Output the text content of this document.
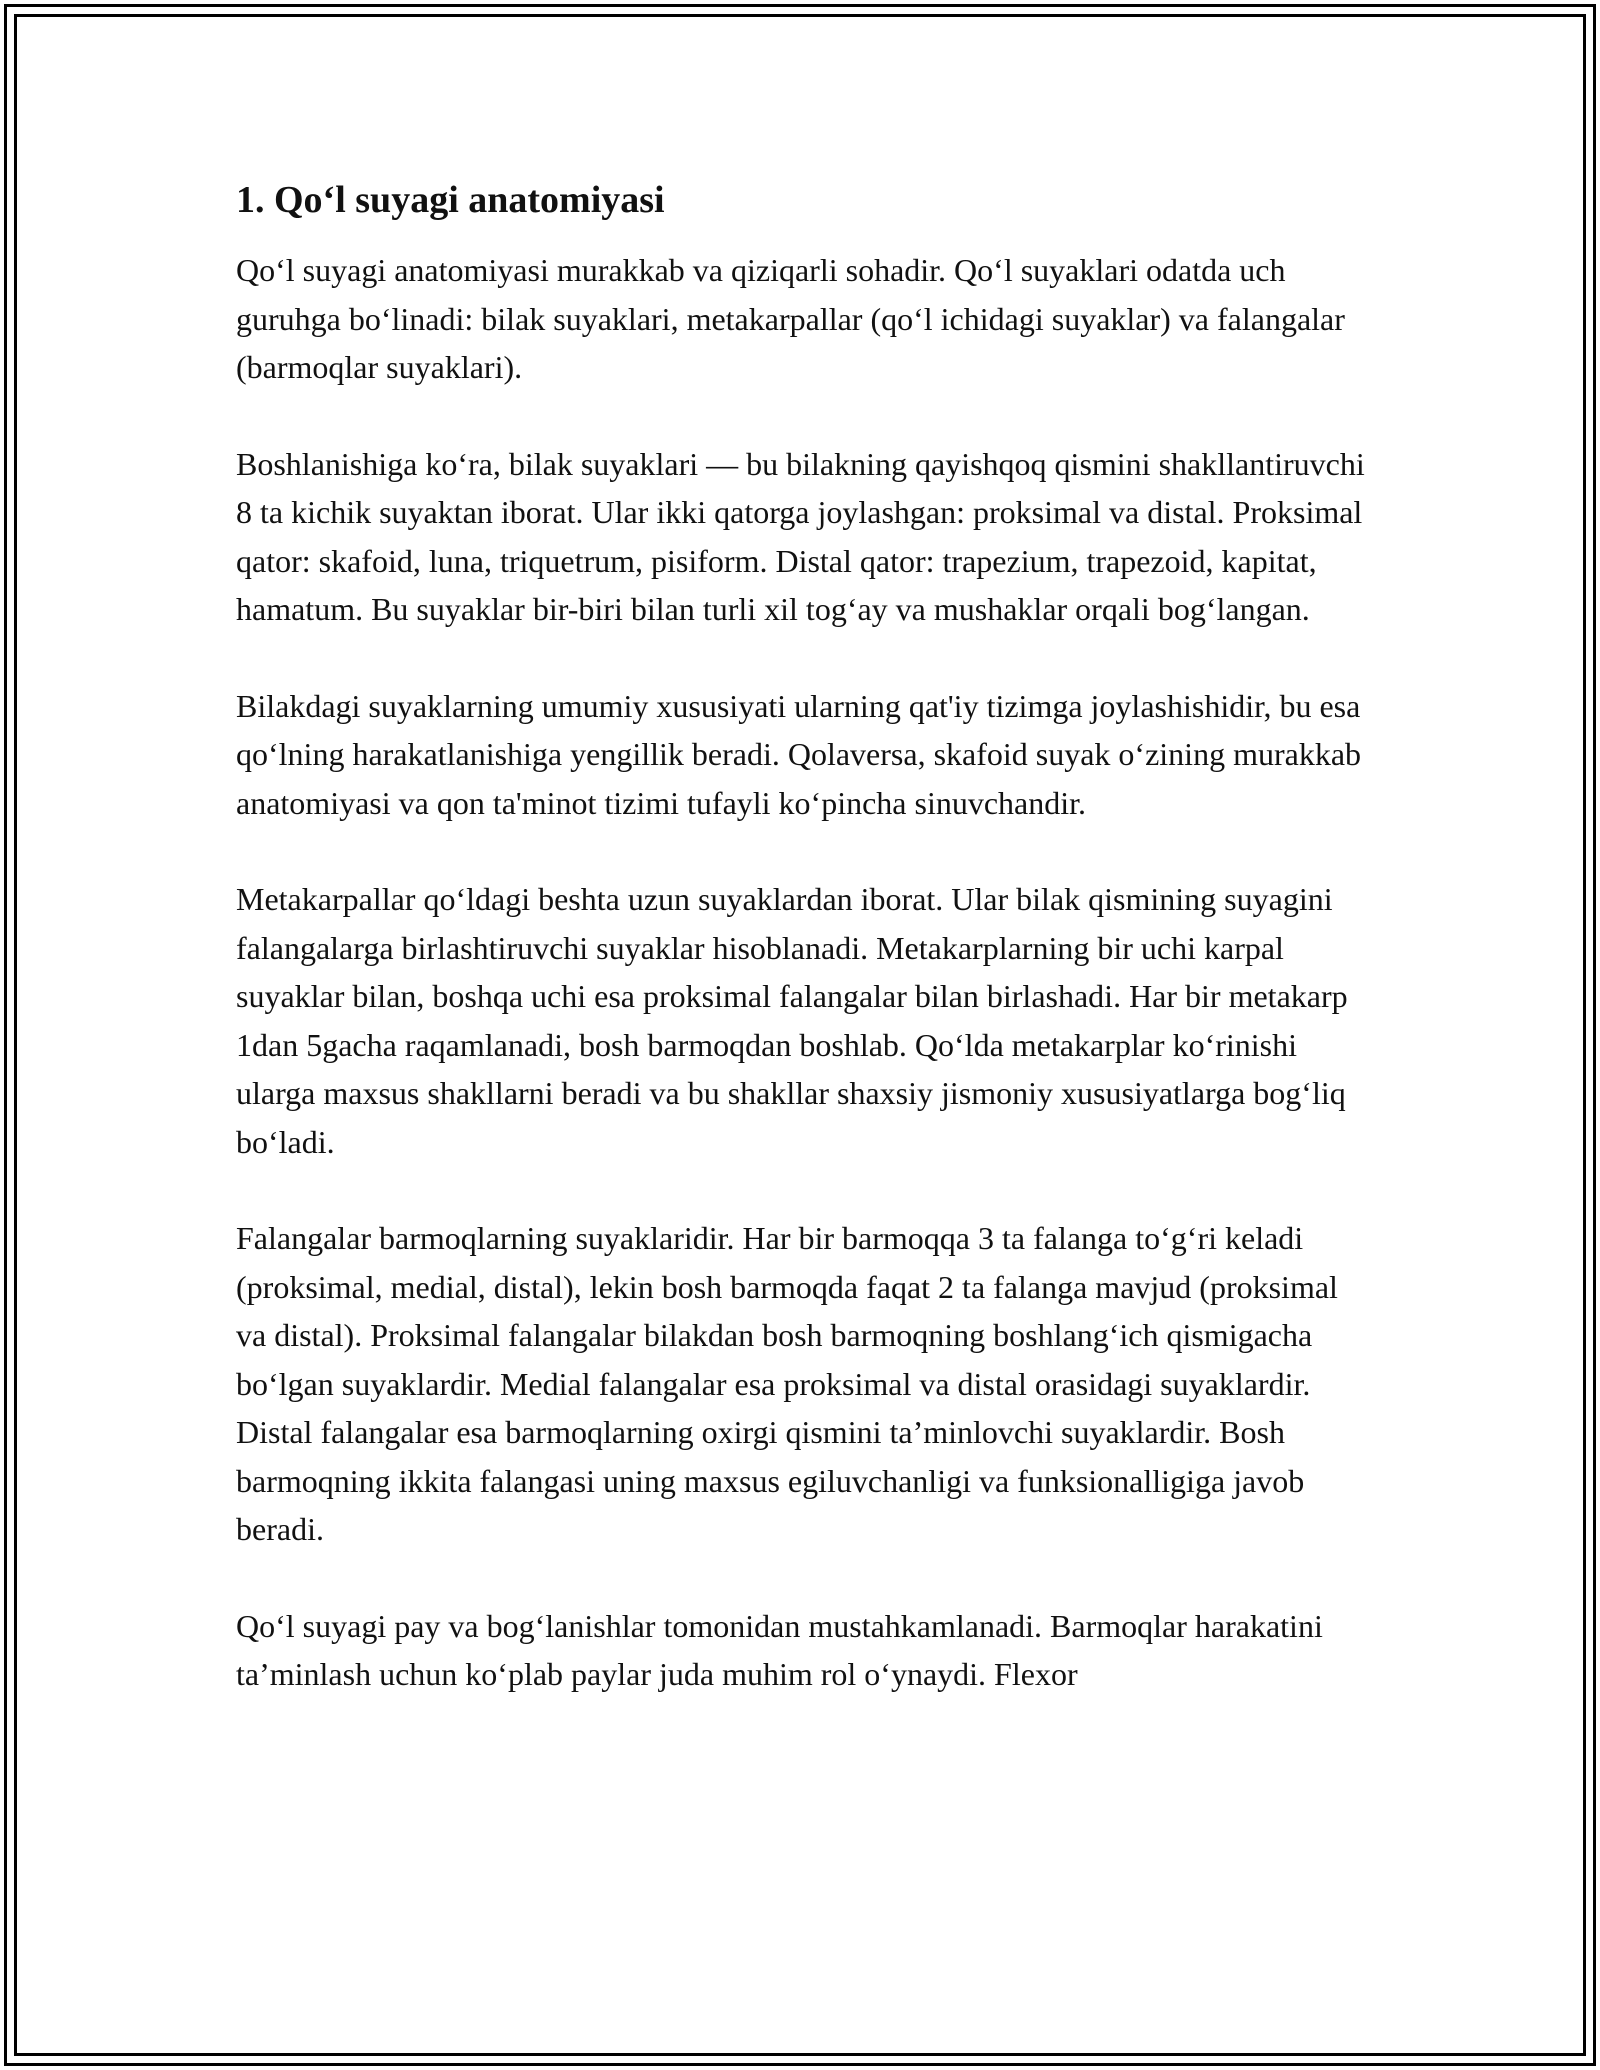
1. Qo‘l suyagi anatomiyasi

Qo‘l suyagi anatomiyasi murakkab va qiziqarli sohadir. Qo‘l suyaklari odatda uch guruhga bo‘linadi: bilak suyaklari, metakarpallar (qo‘l ichidagi suyaklar) va falangalar (barmoqlar suyaklari).

Boshlanishiga ko‘ra, bilak suyaklari — bu bilakning qayishqoq qismini shakllantiruvchi 8 ta kichik suyaktan iborat. Ular ikki qatorga joylashgan: proksimal va distal. Proksimal qator: skafoid, luna, triquetrum, pisiform. Distal qator: trapezium, trapezoid, kapitat, hamatum. Bu suyaklar bir-biri bilan turli xil tog‘ay va mushaklar orqali bog‘langan.

Bilakdagi suyaklarning umumiy xususiyati ularning qat'iy tizimga joylashishidir, bu esa qo‘lning harakatlanishiga yengillik beradi. Qolaversa, skafoid suyak o‘zining murakkab anatomiyasi va qon ta'minot tizimi tufayli ko‘pincha sinuvchandir.

Metakarpallar qo‘ldagi beshta uzun suyaklardan iborat. Ular bilak qismining suyagini falangalarga birlashtiruvchi suyaklar hisoblanadi. Metakarplarning bir uchi karpal suyaklar bilan, boshqa uchi esa proksimal falangalar bilan birlashadi. Har bir metakarp 1dan 5gacha raqamlanadi, bosh barmoqdan boshlab. Qo‘lda metakarplar ko‘rinishi ularga maxsus shakllarni beradi va bu shakllar shaxsiy jismoniy xususiyatlarga bog‘liq bo‘ladi.

Falangalar barmoqlarning suyaklaridir. Har bir barmoqqa 3 ta falanga to‘g‘ri keladi (proksimal, medial, distal), lekin bosh barmoqda faqat 2 ta falanga mavjud (proksimal va distal). Proksimal falangalar bilakdan bosh barmoqning boshlang‘ich qismigacha bo‘lgan suyaklardir. Medial falangalar esa proksimal va distal orasidagi suyaklardir. Distal falangalar esa barmoqlarning oxirgi qismini ta’minlovchi suyaklardir. Bosh barmoqning ikkita falangasi uning maxsus egiluvchanligi va funksionalligiga javob beradi.

Qo‘l suyagi pay va bog‘lanishlar tomonidan mustahkamlanadi. Barmoqlar harakatini ta’minlash uchun ko‘plab paylar juda muhim rol o‘ynaydi. Flexor
